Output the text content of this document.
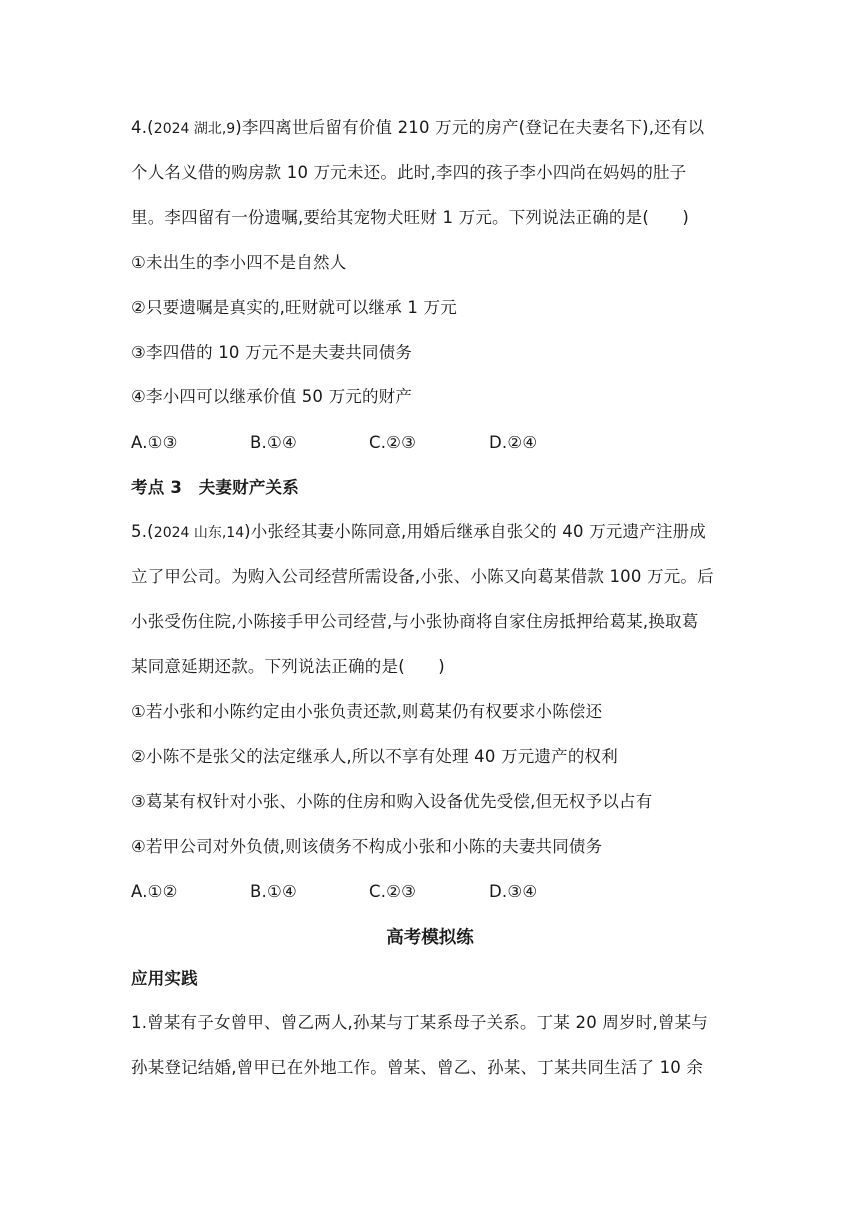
4.(2024 湖北,9)李四离世后留有价值 210 万元的房产(登记在夫妻名下),还有以
个人名义借的购房款 10 万元未还。此时,李四的孩子李小四尚在妈妈的肚子
里。李四留有一份遗嘱,要给其宠物犬旺财 1 万元。下列说法正确的是(　　)
①未出生的李小四不是自然人
②只要遗嘱是真实的,旺财就可以继承 1 万元
③李四借的 10 万元不是夫妻共同债务
④李小四可以继承价值 50 万元的财产
A.①③	B.①④	C.②③	D.②④
考点 3　夫妻财产关系
5.(2024 山东,14)小张经其妻小陈同意,用婚后继承自张父的 40 万元遗产注册成
立了甲公司。为购入公司经营所需设备,小张、小陈又向葛某借款 100 万元。后
小张受伤住院,小陈接手甲公司经营,与小张协商将自家住房抵押给葛某,换取葛
某同意延期还款。下列说法正确的是(　　)
①若小张和小陈约定由小张负责还款,则葛某仍有权要求小陈偿还
②小陈不是张父的法定继承人,所以不享有处理 40 万元遗产的权利
③葛某有权针对小张、小陈的住房和购入设备优先受偿,但无权予以占有
④若甲公司对外负债,则该债务不构成小张和小陈的夫妻共同债务
A.①②	B.①④	C.②③	D.③④
高考模拟练
应用实践
1.曾某有子女曾甲、曾乙两人,孙某与丁某系母子关系。丁某 20 周岁时,曾某与
孙某登记结婚,曾甲已在外地工作。曾某、曾乙、孙某、丁某共同生活了 10 余
